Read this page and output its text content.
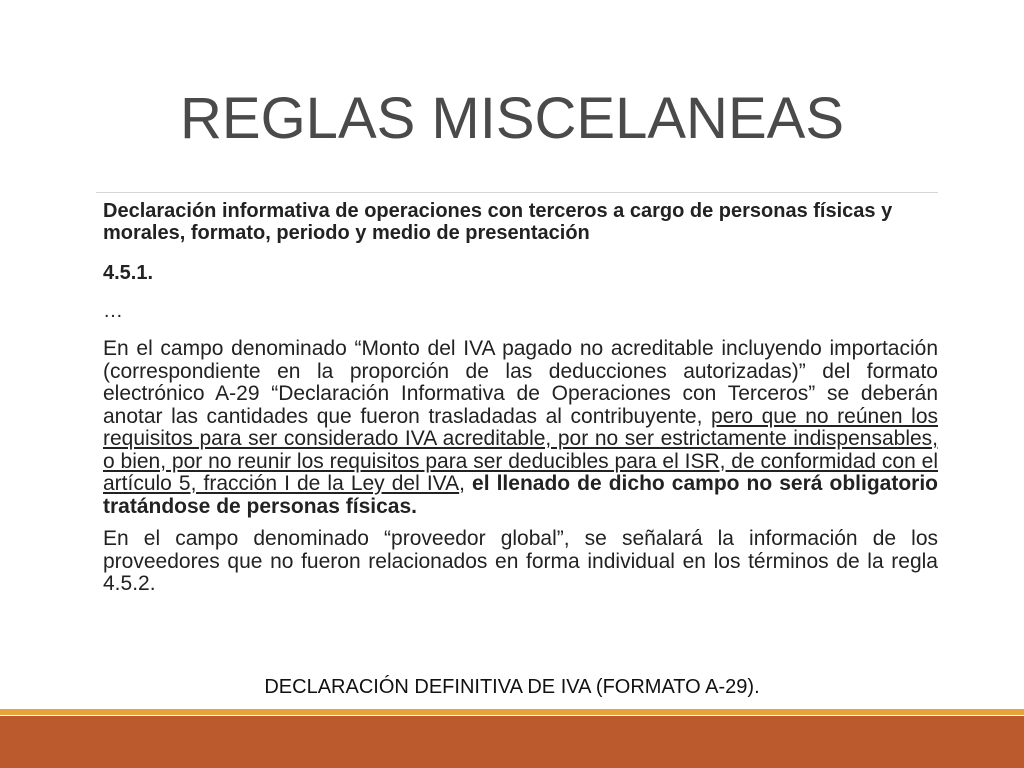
REGLAS MISCELANEAS

Declaración informativa de operaciones con terceros a cargo de personas físicas y morales, formato, periodo y medio de presentación

4.5.1.

…

En el campo denominado “Monto del IVA pagado no acreditable incluyendo importación (correspondiente en la proporción de las deducciones autorizadas)” del formato electrónico A-29 “Declaración Informativa de Operaciones con Terceros” se deberán anotar las cantidades que fueron trasladadas al contribuyente, pero que no reúnen los requisitos para ser considerado IVA acreditable, por no ser estrictamente indispensables, o bien, por no reunir los requisitos para ser deducibles para el ISR, de conformidad con el artículo 5, fracción I de la Ley del IVA, el llenado de dicho campo no será obligatorio tratándose de personas físicas.

En el campo denominado “proveedor global”, se señalará la información de los proveedores que no fueron relacionados en forma individual en los términos de la regla 4.5.2.

DECLARACIÓN DEFINITIVA DE IVA (FORMATO A-29).
